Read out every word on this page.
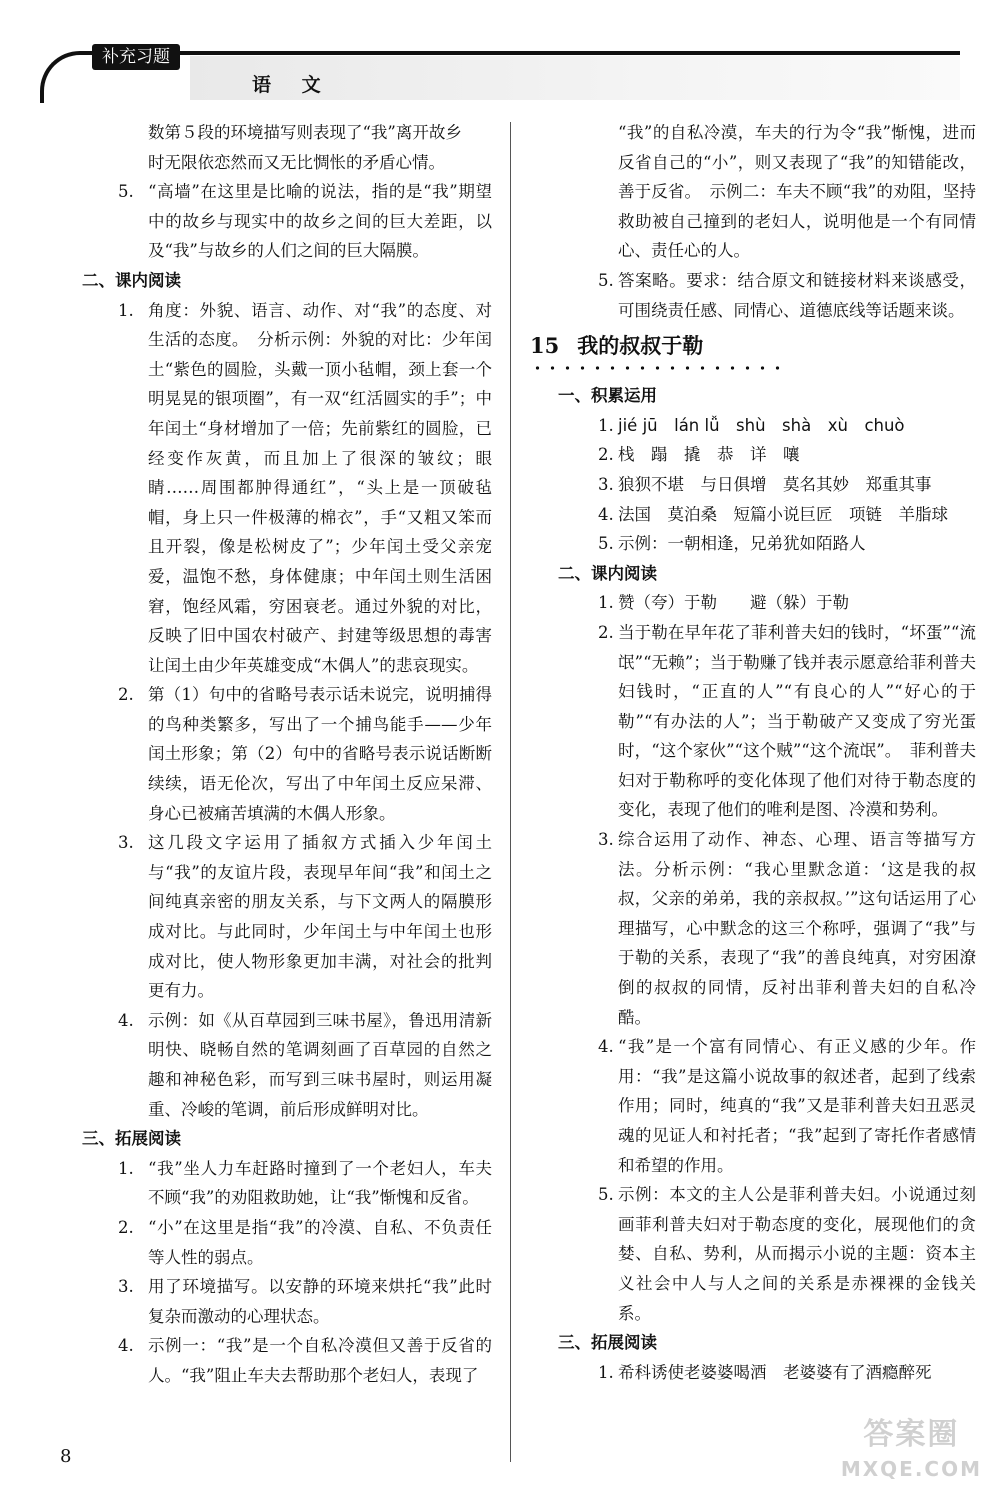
补充习题
语 文

数第５段的环境描写则表现了“我”离开故乡

时无限依恋然而又无比惆怅的矛盾心情。

5. “高墙”在这里是比喻的说法，指的是“我”期望中的故乡与现实中的故乡之间的巨大差距，以及“我”与故乡的人们之间的巨大隔膜。

二、课内阅读

1. 角度：外貌、语言、动作、对“我”的态度、对生活的态度。　分析示例：外貌的对比：少年闰土“紫色的圆脸，头戴一顶小毡帽，颈上套一个明晃晃的银项圈”，有一双“红活圆实的手”；中年闰土“身材增加了一倍；先前紫红的圆脸，已经变作灰黄，而且加上了很深的皱纹；眼睛……周围都肿得通红”，“头上是一顶破毡帽，身上只一件极薄的棉衣”，手“又粗又笨而且开裂，像是松树皮了”；少年闰土受父亲宠爱，温饱不愁，身体健康；中年闰土则生活困窘，饱经风霜，穷困衰老。通过外貌的对比，反映了旧中国农村破产、封建等级思想的毒害让闰土由少年英雄变成“木偶人”的悲哀现实。

2. 第（1）句中的省略号表示话未说完，说明捕得的鸟种类繁多，写出了一个捕鸟能手——少年闰土形象；第（2）句中的省略号表示说话断断续续，语无伦次，写出了中年闰土反应呆滞、身心已被痛苦填满的木偶人形象。

3. 这几段文字运用了插叙方式插入少年闰土与“我”的友谊片段，表现早年间“我”和闰土之间纯真亲密的朋友关系，与下文两人的隔膜形成对比。与此同时，少年闰土与中年闰土也形成对比，使人物形象更加丰满，对社会的批判更有力。

4. 示例：如《从百草园到三味书屋》，鲁迅用清新明快、晓畅自然的笔调刻画了百草园的自然之趣和神秘色彩，而写到三味书屋时，则运用凝重、冷峻的笔调，前后形成鲜明对比。

三、拓展阅读

1. “我”坐人力车赶路时撞到了一个老妇人，车夫不顾“我”的劝阻救助她，让“我”惭愧和反省。

2. “小”在这里是指“我”的冷漠、自私、不负责任等人性的弱点。

3. 用了环境描写。以安静的环境来烘托“我”此时复杂而激动的心理状态。

4. 示例一：“我”是一个自私冷漠但又善于反省的人。“我”阻止车夫去帮助那个老妇人，表现了

“我”的自私冷漠，车夫的行为令“我”惭愧，进而反省自己的“小”，则又表现了“我”的知错能改，善于反省。　示例二：车夫不顾“我”的劝阻，坚持救助被自己撞到的老妇人，说明他是一个有同情心、责任心的人。

5. 答案略。要求：结合原文和链接材料来谈感受，可围绕责任感、同情心、道德底线等话题来谈。

15 我的叔叔于勒

一、积累运用

1. jié jū　lán lǚ　shù　shà　xù　chuò

2. 栈　蹋　撬　恭　详　嚷

3. 狼狈不堪　与日俱增　莫名其妙　郑重其事

4. 法国　莫泊桑　短篇小说巨匠　项链　羊脂球

5. 示例：一朝相逢，兄弟犹如陌路人

二、课内阅读

1. 赞（夸）于勒　　避（躲）于勒

2. 当于勒在早年花了菲利普夫妇的钱时，“坏蛋”“流氓”“无赖”；当于勒赚了钱并表示愿意给菲利普夫妇钱时，“正直的人”“有良心的人”“好心的于勒”“有办法的人”；当于勒破产又变成了穷光蛋时，“这个家伙”“这个贼”“这个流氓”。　菲利普夫妇对于勒称呼的变化体现了他们对待于勒态度的变化，表现了他们的唯利是图、冷漠和势利。

3. 综合运用了动作、神态、心理、语言等描写方法。分析示例：“我心里默念道：‘这是我的叔叔，父亲的弟弟，我的亲叔叔。’”这句话运用了心理描写，心中默念的这三个称呼，强调了“我”与于勒的关系，表现了“我”的善良纯真，对穷困潦倒的叔叔的同情，反衬出菲利普夫妇的自私冷酷。

4. “我”是一个富有同情心、有正义感的少年。作用：“我”是这篇小说故事的叙述者，起到了线索作用；同时，纯真的“我”又是菲利普夫妇丑恶灵魂的见证人和衬托者；“我”起到了寄托作者感情和希望的作用。

5. 示例：本文的主人公是菲利普夫妇。小说通过刻画菲利普夫妇对于勒态度的变化，展现他们的贪婪、自私、势利，从而揭示小说的主题：资本主义社会中人与人之间的关系是赤裸裸的金钱关系。

三、拓展阅读

1. 希科诱使老婆婆喝酒　老婆婆有了酒瘾醉死

8
答案圈
MXQE.COM
